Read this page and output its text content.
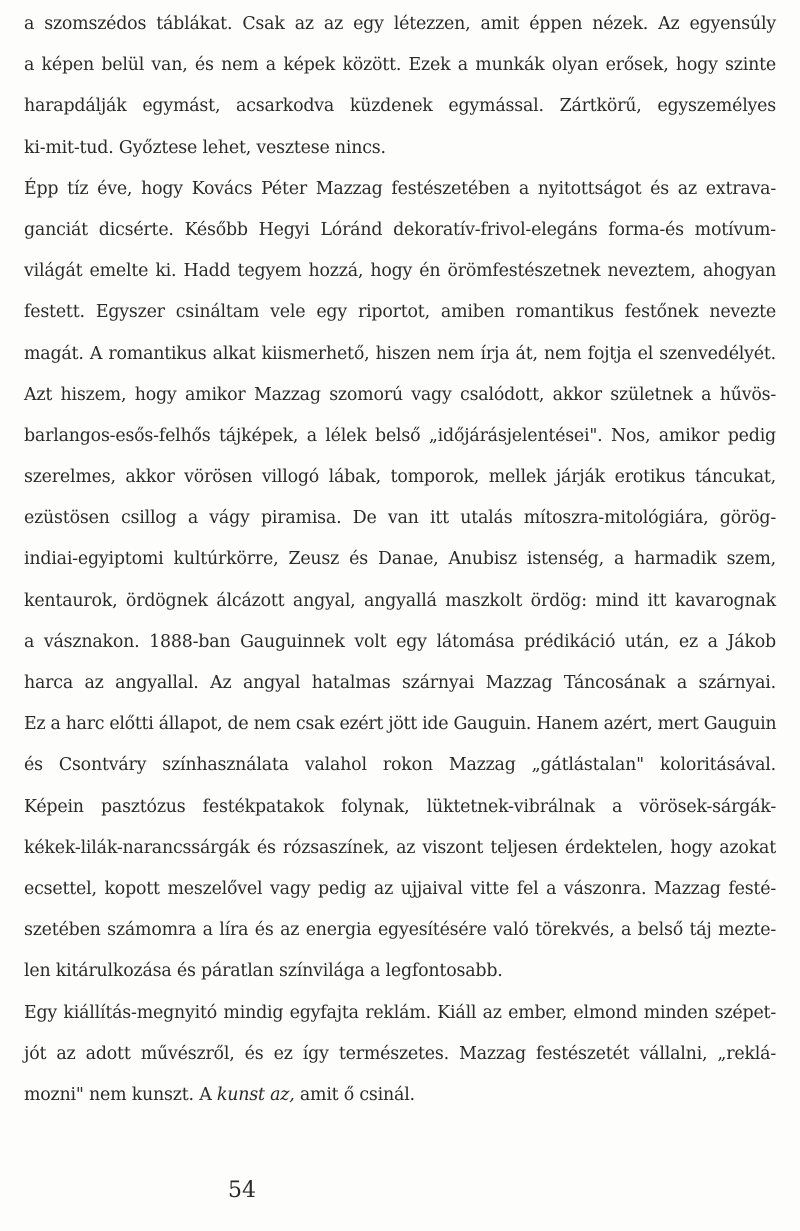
a szomszédos táblákat. Csak az az egy létezzen, amit éppen nézek. Az egyensúly
a képen belül van, és nem a képek között. Ezek a munkák olyan erősek, hogy szinte
harapdálják egymást, acsarkodva küzdenek egymással. Zártkörű, egyszemélyes
ki-mit-tud. Győztese lehet, vesztese nincs.
Épp tíz éve, hogy Kovács Péter Mazzag festészetében a nyitottságot és az extrava-
ganciát dicsérte. Később Hegyi Lóránd dekoratív-frivol-elegáns forma-és motívum-
világát emelte ki. Hadd tegyem hozzá, hogy én örömfestészetnek neveztem, ahogyan
festett. Egyszer csináltam vele egy riportot, amiben romantikus festőnek nevezte
magát. A romantikus alkat kiismerhető, hiszen nem írja át, nem fojtja el szenvedélyét.
Azt hiszem, hogy amikor Mazzag szomorú vagy csalódott, akkor születnek a hűvös-
barlangos-esős-felhős tájképek, a lélek belső „időjárásjelentései". Nos, amikor pedig
szerelmes, akkor vörösen villogó lábak, tomporok, mellek járják erotikus táncukat,
ezüstösen csillog a vágy piramisa. De van itt utalás mítoszra-mitológiára, görög-
indiai-egyiptomi kultúrkörre, Zeusz és Danae, Anubisz istenség, a harmadik szem,
kentaurok, ördögnek álcázott angyal, angyallá maszkolt ördög: mind itt kavarognak
a vásznakon. 1888-ban Gauguinnek volt egy látomása prédikáció után, ez a Jákob
harca az angyallal. Az angyal hatalmas szárnyai Mazzag Táncosának a szárnyai.
Ez a harc előtti állapot, de nem csak ezért jött ide Gauguin. Hanem azért, mert Gauguin
és Csontváry színhasználata valahol rokon Mazzag „gátlástalan" koloritásával.
Képein pasztózus festékpatakok folynak, lüktetnek-vibrálnak a vörösek-sárgák-
kékek-lilák-narancssárgák és rózsaszínek, az viszont teljesen érdektelen, hogy azokat
ecsettel, kopott meszelővel vagy pedig az ujjaival vitte fel a vászonra. Mazzag festé-
szetében számomra a líra és az energia egyesítésére való törekvés, a belső táj mezte-
len kitárulkozása és páratlan színvilága a legfontosabb.
Egy kiállítás-megnyitó mindig egyfajta reklám. Kiáll az ember, elmond minden szépet-
jót az adott művészről, és ez így természetes. Mazzag festészetét vállalni, „reklá-
mozni" nem kunszt. A kunst az, amit ő csinál.
54
